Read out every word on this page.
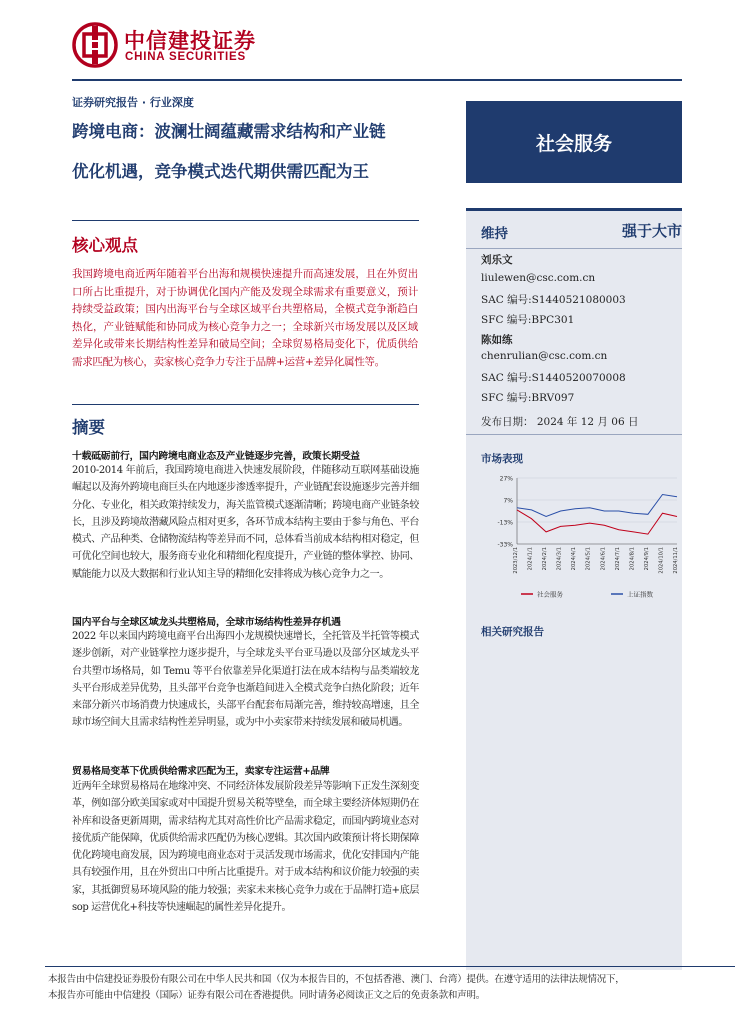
中信建投证券
CHINA SECURITIES
证券研究报告 · 行业深度
跨境电商：波澜壮阔蕴藏需求结构和产业链
优化机遇，竞争模式迭代期供需匹配为王
社会服务
核心观点
我国跨境电商近两年随着平台出海和规模快速提升而高速发展，且在外贸出口所占比重提升，对于协调优化国内产能及发现全球需求有重要意义，预计持续受益政策；国内出海平台与全球区域平台共塑格局，全模式竞争渐趋白热化，产业链赋能和协同成为核心竞争力之一；全球新兴市场发展以及区域差异化或带来长期结构性差异和破局空间；全球贸易格局变化下，优质供给需求匹配为核心，卖家核心竞争力专注于品牌+运营+差异化属性等。
摘要
十载砥砺前行，国内跨境电商业态及产业链逐步完善，政策长期受益
2010-2014 年前后，我国跨境电商进入快速发展阶段，伴随移动互联网基础设施崛起以及海外跨境电商巨头在内地逐步渗透率提升，产业链配套设施逐步完善并细分化、专业化，相关政策持续发力，海关监管模式逐渐清晰；跨境电商产业链条较长，且涉及跨境故潜藏风险点相对更多，各环节成本结构主要由于参与角色、平台模式、产品种类、仓储物流结构等差异而不同，总体看当前成本结构相对稳定，但可优化空间也较大，服务商专业化和精细化程度提升，产业链的整体掌控、协同、赋能能力以及大数据和行业认知主导的精细化安排将成为核心竞争力之一。
国内平台与全球区域龙头共塑格局，全球市场结构性差异存机遇
2022 年以来国内跨境电商平台出海四小龙规模快速增长，全托管及半托管等模式逐步创新，对产业链掌控力逐步提升，与全球龙头平台亚马逊以及部分区域龙头平台共塑市场格局，如 Temu 等平台依靠差异化渠道打法在成本结构与品类端较龙头平台形成差异优势，且头部平台竞争也渐趋间进入全模式竞争白热化阶段；近年来部分新兴市场消费力快速成长，头部平台配套布局渐完善，维持较高增速，且全球市场空间大且需求结构性差异明显，或为中小卖家带来持续发展和破局机遇。
贸易格局变革下优质供给需求匹配为王，卖家专注运营+品牌
近两年全球贸易格局在地缘冲突、不同经济体发展阶段差异等影响下正发生深刻变革，例如部分欧美国家或对中国提升贸易关税等壁垒，而全球主要经济体短期仍在补库和设备更新周期，需求结构尤其对高性价比产品需求稳定，而国内跨境业态对接优质产能保障，优质供给需求匹配仍为核心逻辑。其次国内政策预计将长期保障优化跨境电商发展，因为跨境电商业态对于灵活发现市场需求，优化安排国内产能具有较强作用，且在外贸出口中所占比重提升。对于成本结构和议价能力较强的卖家，其抵御贸易环境风险的能力较强；卖家未来核心竞争力或在于品牌打造+底层 sop 运营优化+科技等快速崛起的属性差异化提升。
维持	强于大市
刘乐文
liulewen@csc.com.cn
SAC 编号:S1440521080003
SFC 编号:BPC301
陈如练
chenrulian@csc.com.cn
SAC 编号:S1440520070008
SFC 编号:BRV097
发布日期： 2024 年 12 月 06 日
市场表现
27%
7%
-13%
-33%
2023/12/1 2024/1/1 2024/2/1 2024/3/1 2024/4/1 2024/5/1 2024/6/1 2024/7/1 2024/8/1 2024/9/1 2024/10/1 2024/11/1
社会服务	上证指数
相关研究报告
本报告由中信建投证券股份有限公司在中华人民共和国（仅为本报告目的，不包括香港、澳门、台湾）提供。在遵守适用的法律法规情况下，
本报告亦可能由中信建投（国际）证券有限公司在香港提供。同时请务必阅读正文之后的免责条款和声明。
